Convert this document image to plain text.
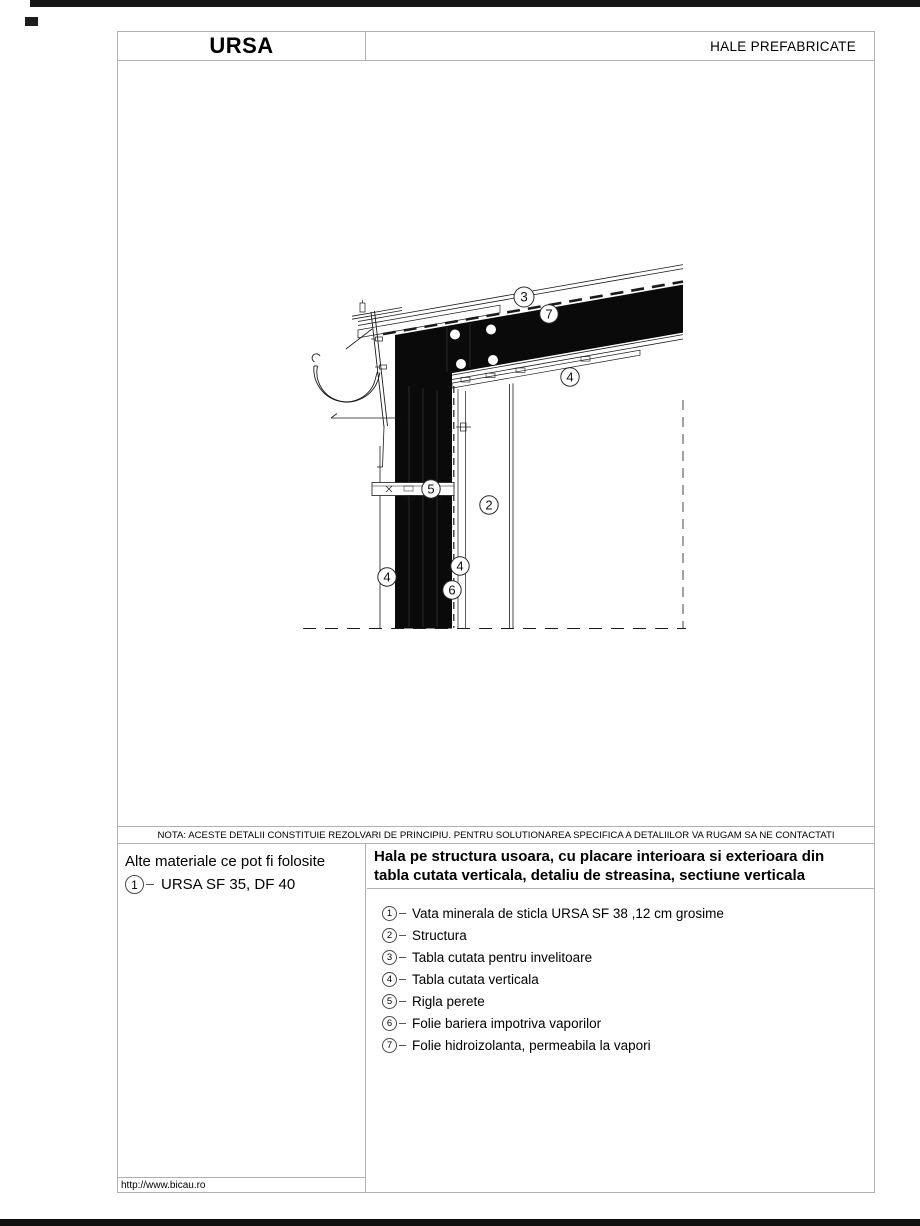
URSA	HALE PREFABRICATE
NOTA: ACESTE DETALII CONSTITUIE REZOLVARI DE PRINCIPIU. PENTRU SOLUTIONAREA SPECIFICA A DETALIILOR VA RUGAM SA NE CONTACTATI
Alte materiale ce pot fi folosite
1	URSA SF 35, DF 40
http://www.bicau.ro
Hala pe structura usoara, cu placare interioara si exterioara din
tabla cutata verticala, detaliu de streasina, sectiune verticala
1	Vata minerala de sticla URSA SF 38 ,12 cm grosime
2	Structura
3	Tabla cutata pentru invelitoare
4	Tabla cutata verticala
5	Rigla perete
6	Folie bariera impotriva vaporilor
7	Folie hidroizolanta, permeabila la vapori
3
7
4
5
2
4
4
6
